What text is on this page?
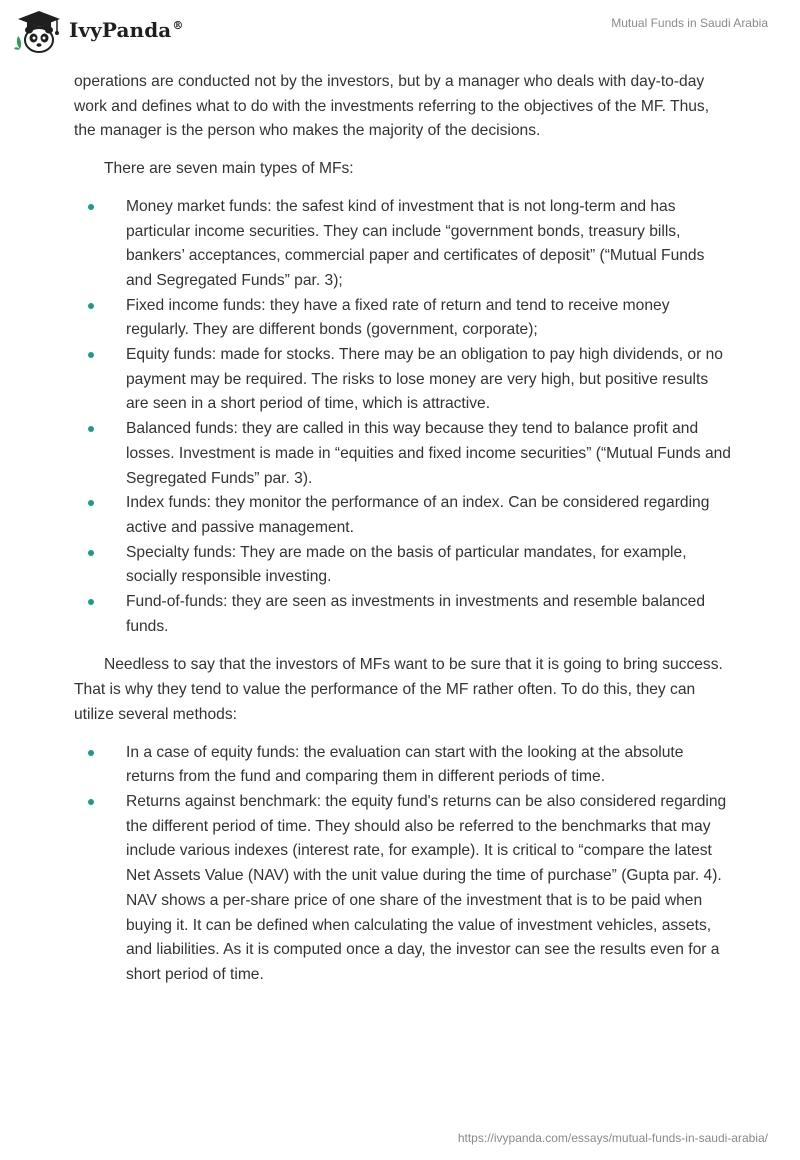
IvyPanda®	Mutual Funds in Saudi Arabia

operations are conducted not by the investors, but by a manager who deals with day-to-day work and defines what to do with the investments referring to the objectives of the MF. Thus, the manager is the person who makes the majority of the decisions.

There are seven main types of MFs:

Money market funds: the safest kind of investment that is not long-term and has particular income securities. They can include “government bonds, treasury bills, bankers’ acceptances, commercial paper and certificates of deposit” (“Mutual Funds and Segregated Funds” par. 3);
Fixed income funds: they have a fixed rate of return and tend to receive money regularly. They are different bonds (government, corporate);
Equity funds: made for stocks. There may be an obligation to pay high dividends, or no payment may be required. The risks to lose money are very high, but positive results are seen in a short period of time, which is attractive.
Balanced funds: they are called in this way because they tend to balance profit and losses. Investment is made in “equities and fixed income securities” (“Mutual Funds and Segregated Funds” par. 3).
Index funds: they monitor the performance of an index. Can be considered regarding active and passive management.
Specialty funds: They are made on the basis of particular mandates, for example, socially responsible investing.
Fund-of-funds: they are seen as investments in investments and resemble balanced funds.

Needless to say that the investors of MFs want to be sure that it is going to bring success. That is why they tend to value the performance of the MF rather often. To do this, they can utilize several methods:

In a case of equity funds: the evaluation can start with the looking at the absolute returns from the fund and comparing them in different periods of time.
Returns against benchmark: the equity fund's returns can be also considered regarding the different period of time. They should also be referred to the benchmarks that may include various indexes (interest rate, for example). It is critical to “compare the latest Net Assets Value (NAV) with the unit value during the time of purchase” (Gupta par. 4). NAV shows a per-share price of one share of the investment that is to be paid when buying it. It can be defined when calculating the value of investment vehicles, assets, and liabilities. As it is computed once a day, the investor can see the results even for a short period of time.
https://ivypanda.com/essays/mutual-funds-in-saudi-arabia/
